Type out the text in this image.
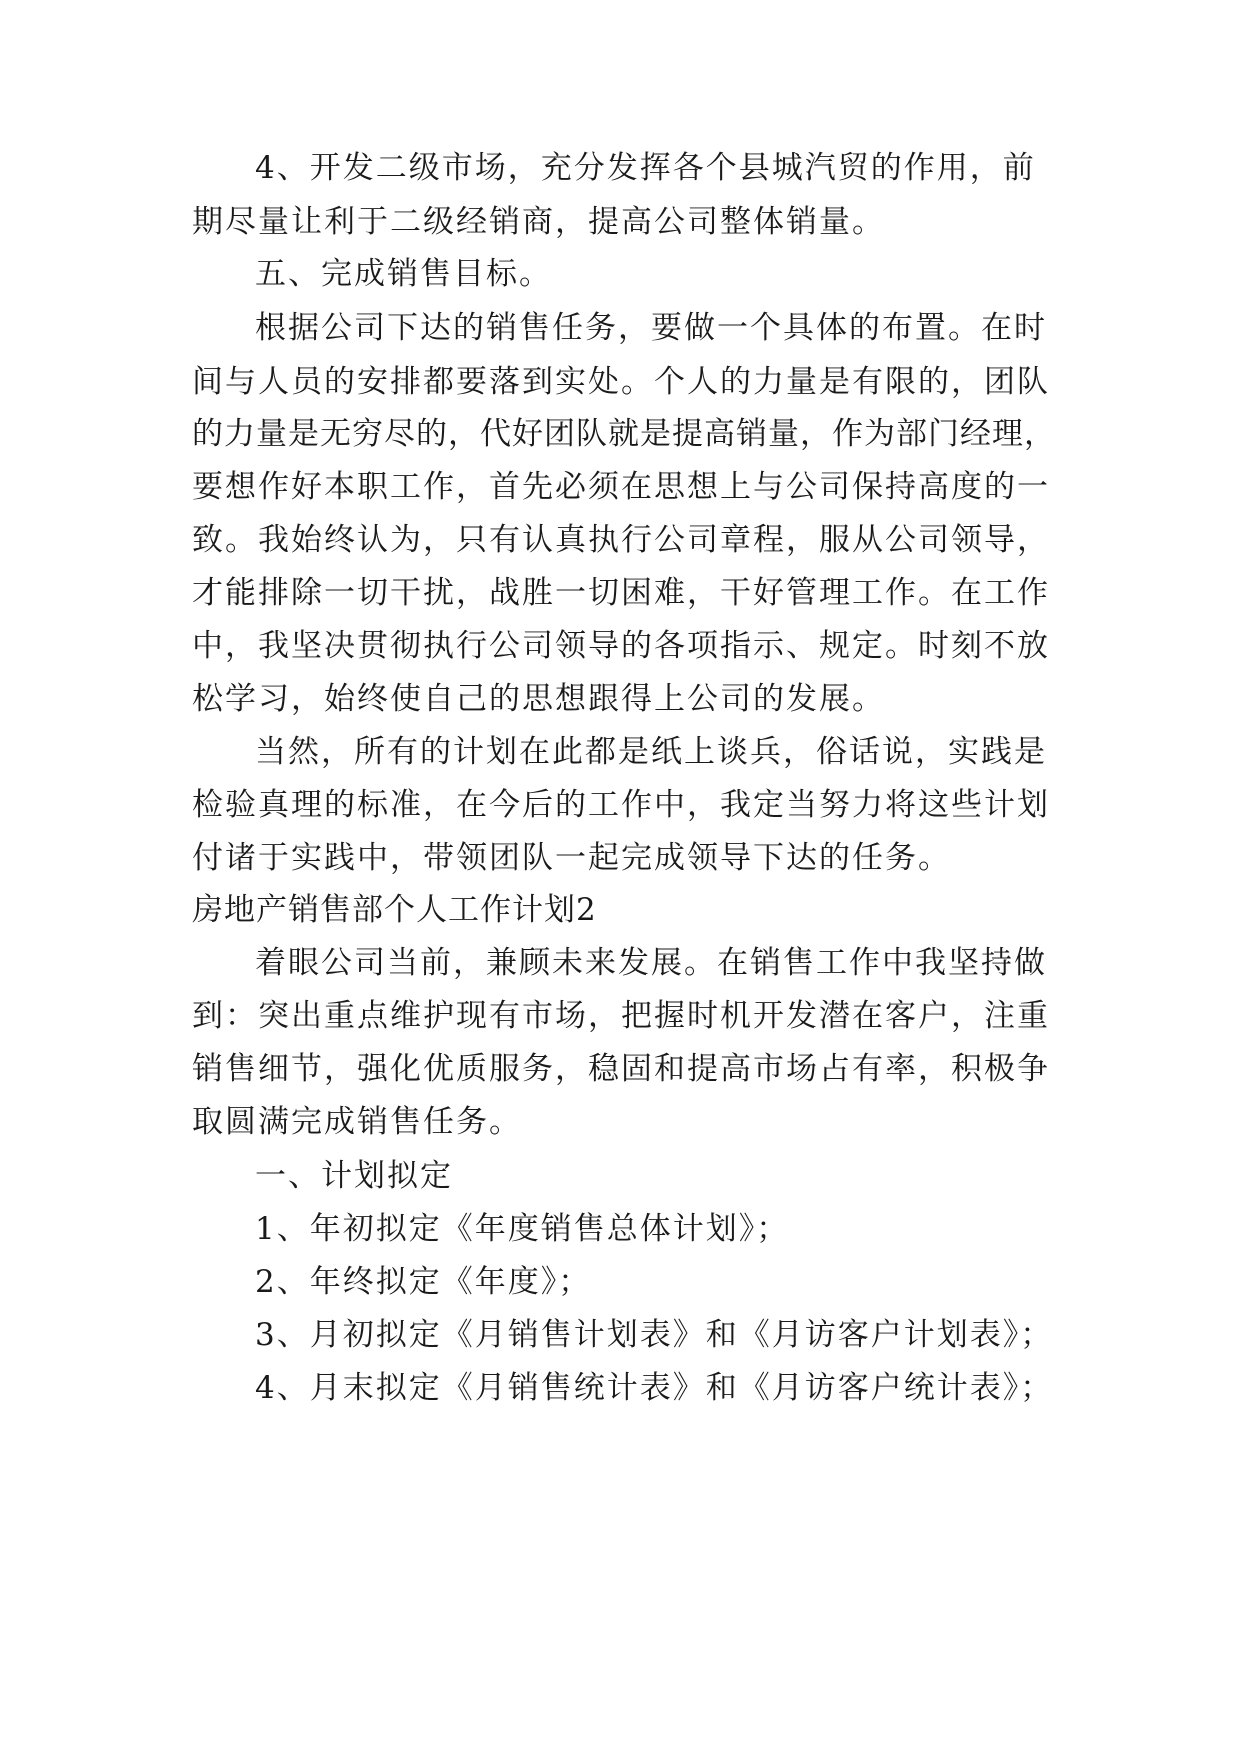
4、开发二级市场，充分发挥各个县城汽贸的作用，前
期尽量让利于二级经销商，提高公司整体销量。
五、完成销售目标。
根据公司下达的销售任务，要做一个具体的布置。在时
间与人员的安排都要落到实处。个人的力量是有限的，团队
的力量是无穷尽的，代好团队就是提高销量，作为部门经理，
要想作好本职工作，首先必须在思想上与公司保持高度的一
致。我始终认为，只有认真执行公司章程，服从公司领导，
才能排除一切干扰，战胜一切困难，干好管理工作。在工作
中，我坚决贯彻执行公司领导的各项指示、规定。时刻不放
松学习，始终使自己的思想跟得上公司的发展。
当然，所有的计划在此都是纸上谈兵，俗话说，实践是
检验真理的标准，在今后的工作中，我定当努力将这些计划
付诸于实践中，带领团队一起完成领导下达的任务。
房地产销售部个人工作计划2
着眼公司当前，兼顾未来发展。在销售工作中我坚持做
到：突出重点维护现有市场，把握时机开发潜在客户，注重
销售细节，强化优质服务，稳固和提高市场占有率，积极争
取圆满完成销售任务。
一、计划拟定
1、年初拟定《年度销售总体计划》；
2、年终拟定《年度》；
3、月初拟定《月销售计划表》和《月访客户计划表》；
4、月末拟定《月销售统计表》和《月访客户统计表》；
